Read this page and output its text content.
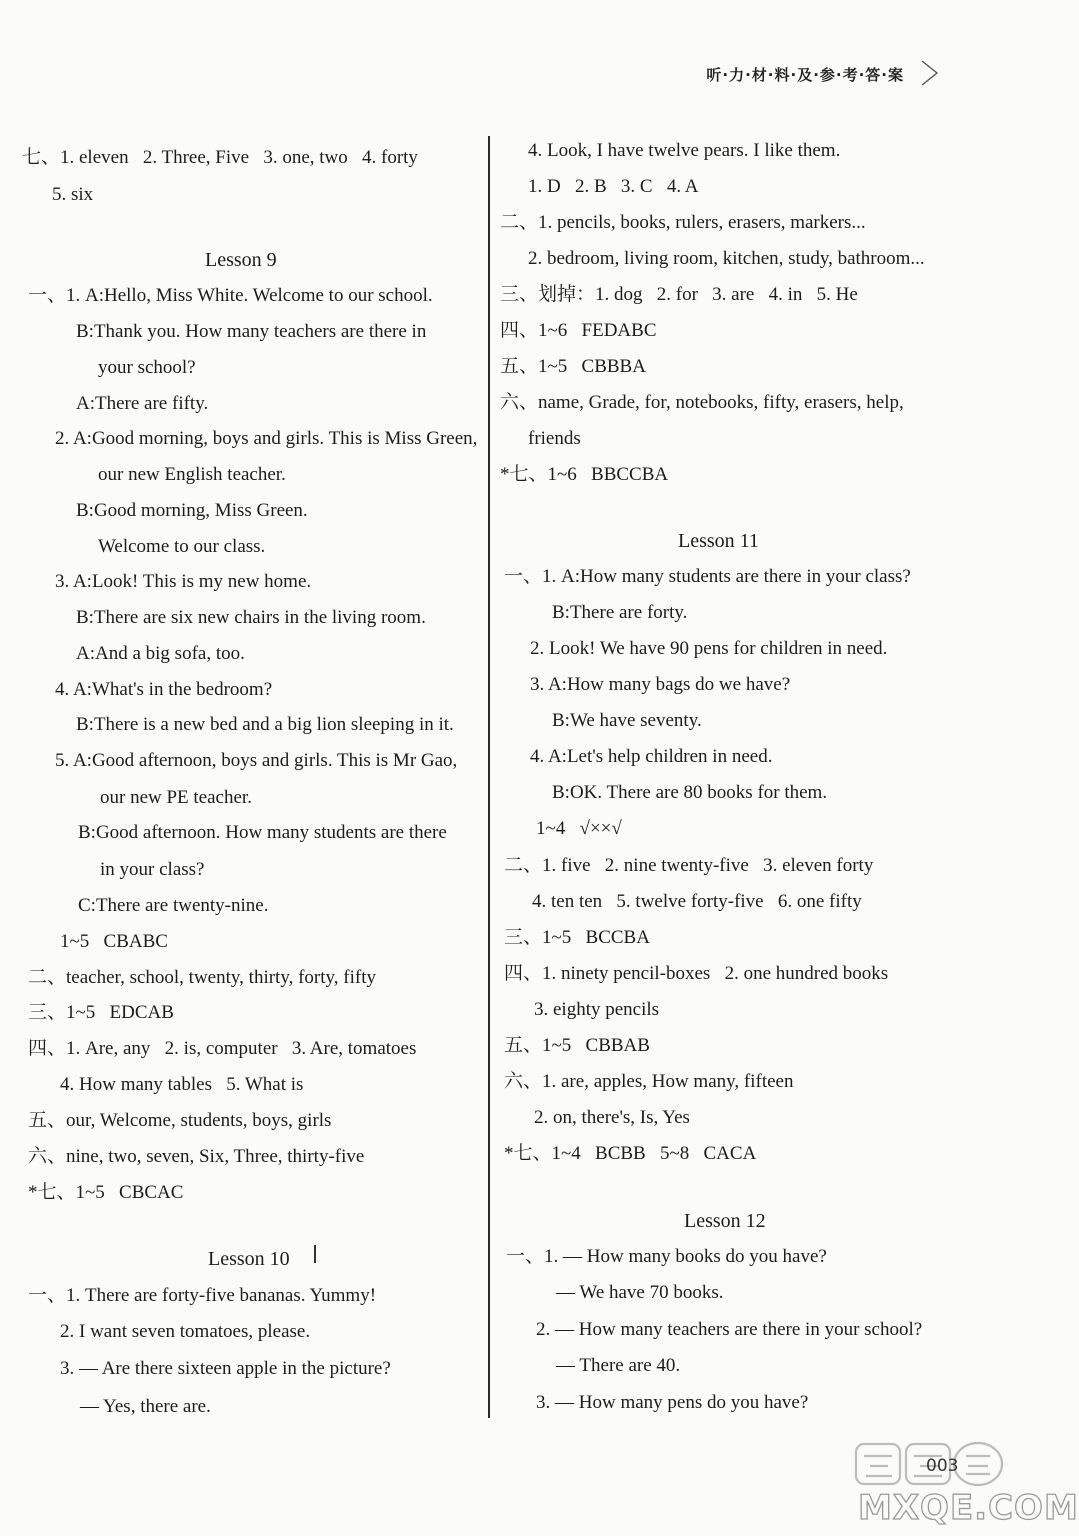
听·力·材·料·及·参·考·答·案
七、1. eleven   2. Three, Five   3. one, two   4. forty
5. six
Lesson 9
一、1. A:Hello, Miss White. Welcome to our school.
B:Thank you. How many teachers are there in
your school?
A:There are fifty.
2. A:Good morning, boys and girls. This is Miss Green,
our new English teacher.
B:Good morning, Miss Green.
Welcome to our class.
3. A:Look! This is my new home.
B:There are six new chairs in the living room.
A:And a big sofa, too.
4. A:What's in the bedroom?
B:There is a new bed and a big lion sleeping in it.
5. A:Good afternoon, boys and girls. This is Mr Gao,
our new PE teacher.
B:Good afternoon. How many students are there
in your class?
C:There are twenty-nine.
1~5   CBABC
二、teacher, school, twenty, thirty, forty, fifty
三、1~5   EDCAB
四、1. Are, any   2. is, computer   3. Are, tomatoes
4. How many tables   5. What is
五、our, Welcome, students, boys, girls
六、nine, two, seven, Six, Three, thirty-five
*七、1~5   CBCAC
Lesson 10
一、1. There are forty-five bananas. Yummy!
2. I want seven tomatoes, please.
3. — Are there sixteen apple in the picture?
— Yes, there are.
4. Look, I have twelve pears. I like them.
1. D   2. B   3. C   4. A
二、1. pencils, books, rulers, erasers, markers...
2. bedroom, living room, kitchen, study, bathroom...
三、划掉：1. dog   2. for   3. are   4. in   5. He
四、1~6   FEDABC
五、1~5   CBBBA
六、name, Grade, for, notebooks, fifty, erasers, help,
friends
*七、1~6   BBCCBA
Lesson 11
一、1. A:How many students are there in your class?
B:There are forty.
2. Look! We have 90 pens for children in need.
3. A:How many bags do we have?
B:We have seventy.
4. A:Let's help children in need.
B:OK. There are 80 books for them.
1~4   √××√
二、1. five   2. nine twenty-five   3. eleven forty
4. ten ten   5. twelve forty-five   6. one fifty
三、1~5   BCCBA
四、1. ninety pencil-boxes   2. one hundred books
3. eighty pencils
五、1~5   CBBAB
六、1. are, apples, How many, fifteen
2. on, there's, Is, Yes
*七、1~4   BCBB   5~8   CACA
Lesson 12
一、1. — How many books do you have?
— We have 70 books.
2. — How many teachers are there in your school?
— There are 40.
3. — How many pens do you have?
MXQE.COM
003
